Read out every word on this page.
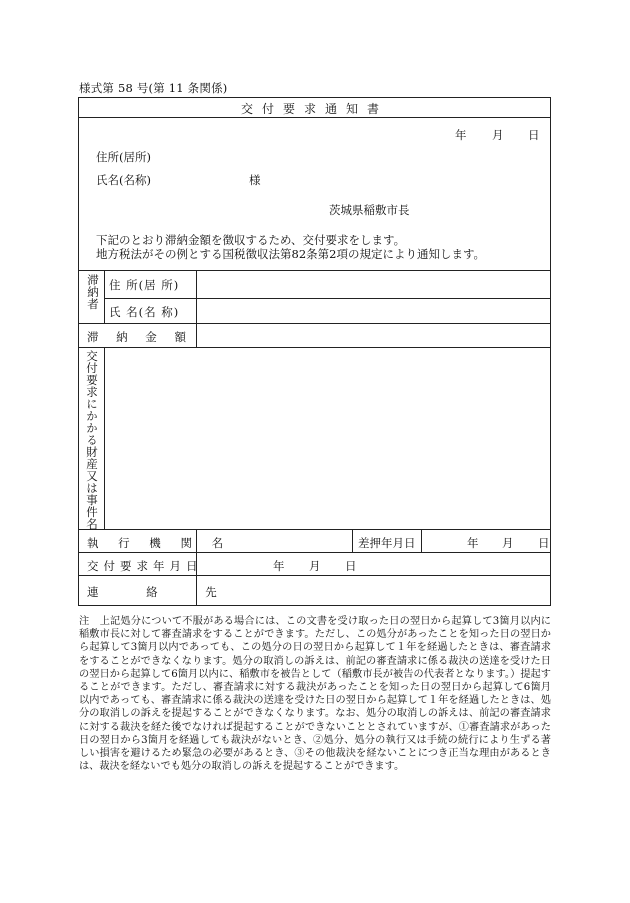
様式第 58 号(第 11 条関係)
交付要求通知書
年 月 日
住所(居所)
氏名(名称)	様
茨城県稲敷市長
下記のとおり滞納金額を徴収するため、交付要求をします。
地方税法がその例とする国税徴収法第82条第2項の規定により通知します。
滞納者 住 所(居 所)
氏 名(名 称)
滞 納 金 額
交付要求にかかる財産又は事件名
執 行 機 関 名	差押年月日	年 月 日
交付要求年月日	年 月 日
連 絡 先
注　上記処分について不服がある場合には、この文書を受け取った日の翌日から起算して3箇月以内に稲敷市長に対して審査請求をすることができます。ただし、この処分があったことを知った日の翌日から起算して3箇月以内であっても、この処分の日の翌日から起算して１年を経過したときは、審査請求をすることができなくなります。処分の取消しの訴えは、前記の審査請求に係る裁決の送達を受けた日の翌日から起算して6箇月以内に、稲敷市を被告として（稲敷市長が被告の代表者となります。）提起することができます。ただし、審査請求に対する裁決があったことを知った日の翌日から起算して6箇月以内であっても、審査請求に係る裁決の送達を受けた日の翌日から起算して１年を経過したときは、処分の取消しの訴えを提起することができなくなります。なお、処分の取消しの訴えは、前記の審査請求に対する裁決を経た後でなければ提起することができないこととされていますが、①審査請求があった日の翌日から3箇月を経過しても裁決がないとき、②処分、処分の執行又は手続の続行により生ずる著しい損害を避けるため緊急の必要があるとき、③その他裁決を経ないことにつき正当な理由があるときは、裁決を経ないでも処分の取消しの訴えを提起することができます。
